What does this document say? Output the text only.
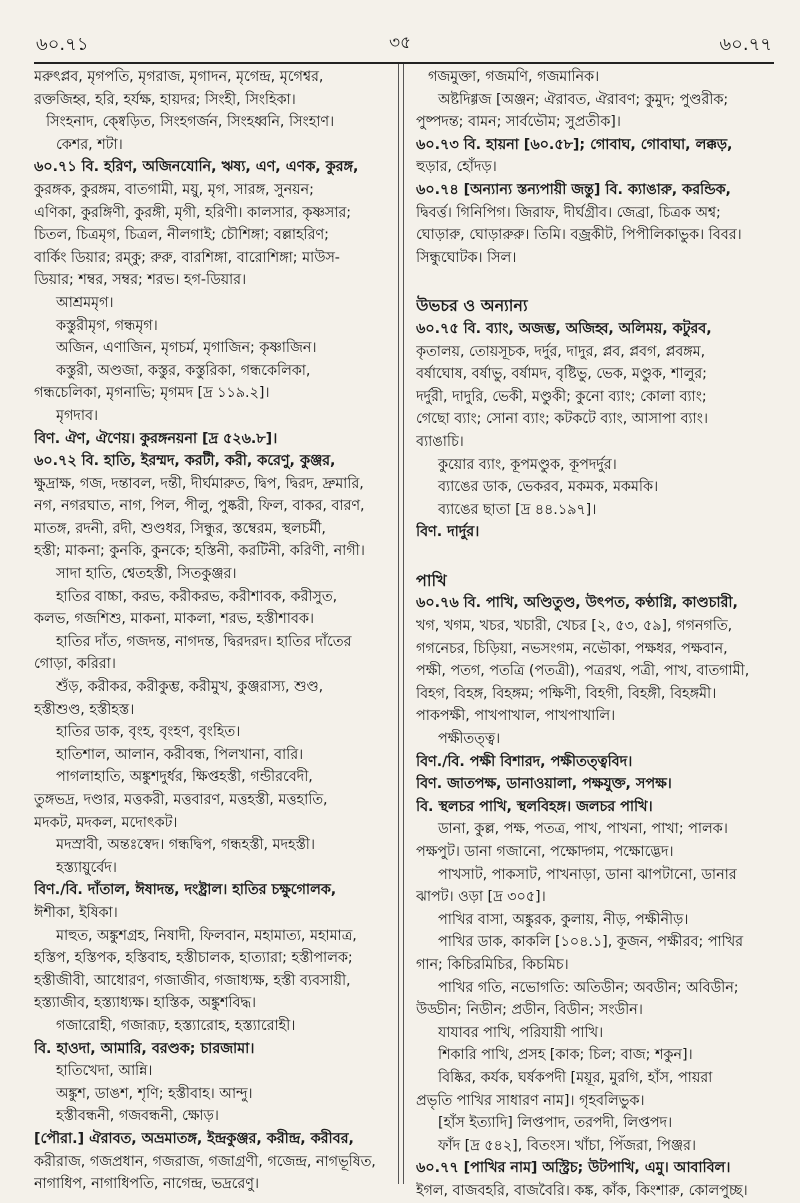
৬০.৭১	৩৫	৬০.৭৭
মরুৎপ্লব, মৃগপতি, মৃগরাজ, মৃগাদন, মৃগেন্দ্র, মৃগেশ্বর,
রক্তজিহ্ব, হরি, হর্যক্ষ, হায়দর; সিংহী, সিংহিকা।
সিংহনাদ, ক্ষ্বেড়িত, সিংহগর্জন, সিংহধ্বনি, সিংহাণ।
কেশর, শটা।
৬০.৭১ বি. হরিণ, অজিনযোনি, ঋষ্য, এণ, এণক, কুরঙ্গ,
কুরঙ্গক, কুরঙ্গম, বাতগামী, ময়ু, মৃগ, সারঙ্গ, সুনয়ন;
এণিকা, কুরঙ্গিণী, কুরঙ্গী, মৃগী, হরিণী। কালসার, কৃষ্ণসার;
চিতল, চিত্রমৃগ, চিত্রল, নীলগাই; চৌশিঙ্গা; বল্লাহরিণ;
বার্কিং ডিয়ার; রম্কু; রুরু, বারশিঙ্গা, বারোশিঙ্গা; মাউস-
ডিয়ার; শম্বর, সম্বর; শরভ। হগ-ডিয়ার।
আশ্রমমৃগ।
কস্তুরীমৃগ, গন্ধমৃগ।
অজিন, এণাজিন, মৃগচর্ম, মৃগাজিন; কৃষ্ণাজিন।
কস্তুরী, অণ্ডজা, কস্তুর, কস্তুরিকা, গন্ধকেলিকা,
গন্ধচেলিকা, মৃগনাভি; মৃগমদ [দ্র ১১৯.২]।
মৃগদাব।
বিণ. ঐণ, ঐণেয়। কুরঙ্গনয়না [দ্র ৫২৬.৮]।
৬০.৭২ বি. হাতি, ইরম্মদ, করটী, করী, করেণু, কুঞ্জর,
ক্ষুদ্রাক্ষ, গজ, দন্তাবল, দন্তী, দীর্ঘমারুত, দ্বিপ, দ্বিরদ, দ্রুমারি,
নগ, নগরঘাত, নাগ, পিল, পীলু, পুষ্করী, ফিল, বাকর, বারণ,
মাতঙ্গ, রদনী, রদী, শুণ্ডধর, সিন্ধুর, স্তম্বেরম, স্থলচর্মী,
হস্তী; মাকনা; কুনকি, কুনকে; হস্তিনী, করটিনী, করিণী, নাগী।
সাদা হাতি, শ্বেতহস্তী, সিতকুঞ্জর।
হাতির বাচ্চা, করভ, করীকরভ, করীশাবক, করীসুত,
কলভ, গজশিশু, মাকনা, মাকলা, শরভ, হস্তীশাবক।
হাতির দাঁত, গজদন্ত, নাগদন্ত, দ্বিরদরদ। হাতির দাঁতের
গোড়া, করিরা।
শুঁড়, করীকর, করীকুম্ভ, করীমুখ, কুঞ্জরাস্য, শুণ্ড,
হস্তীশুণ্ড, হস্তীহস্ত।
হাতির ডাক, বৃংহ, বৃংহণ, বৃংহিত।
হাতিশাল, আলান, করীবন্ধ, পিলখানা, বারি।
পাগলাহাতি, অঙ্কুশদুর্ধর, ক্ষিপ্তহস্তী, গন্ডীরবেদী,
তুঙ্গভদ্র, দণ্ডার, মত্তকরী, মত্তবারণ, মত্তহস্তী, মত্তহাতি,
মদকট, মদকল, মদোৎকট।
মদস্রাবী, অন্তঃস্বেদ। গন্ধদ্বিপ, গন্ধহস্তী, মদহস্তী।
হস্ত্যায়ুর্বেদ।
বিণ./বি. দাঁতাল, ঈষাদন্ত, দংষ্ট্রাল। হাতির চক্ষুগোলক,
ঈশীকা, ইষিকা।
মাহুত, অঙ্কুশগ্রহ, নিষাদী, ফিলবান, মহামাত্য, মহামাত্র,
হস্তিপ, হস্তিপক, হস্তিবাহ, হস্তীচালক, হাত্যারা; হস্তীপালক;
হস্তীজীবী, আধোরণ, গজাজীব, গজাধ্যক্ষ, হস্তী ব্যবসায়ী,
হস্ত্যাজীব, হস্ত্যাধ্যক্ষ। হাস্তিক, অঙ্কুশবিদ্ধ।
গজারোহী, গজারূঢ়, হস্ত্যারোহ, হস্ত্যারোহী।
বি. হাওদা, আমারি, বরণ্ডক; চারজামা।
হাতিখেদা, আন্নি।
অঙ্কুশ, ডাঙশ, শৃণি; হস্তীবাহ। আন্দু।
হস্তীবন্ধনী, গজবন্ধনী, ক্ষোড়।
[পৌরা.] ঐরাবত, অভ্রমাতঙ্গ, ইন্দ্রকুঞ্জর, করীন্দ্র, করীবর,
করীরাজ, গজপ্রধান, গজরাজ, গজাগ্রণী, গজেন্দ্র, নাগভূষিত,
নাগাধিপ, নাগাধিপতি, নাগেন্দ্র, ভদ্ররেণু।
গজমুক্তা, গজমণি, গজমানিক।
অষ্টদিগ্গজ [অঞ্জন; ঐরাবত, ঐরাবণ; কুমুদ; পুণ্ডরীক;
পুষ্পদন্ত; বামন; সার্বভৌম; সুপ্রতীক]।
৬০.৭৩ বি. হায়না [৬০.৫৮]; গোবাঘ, গোবাঘা, লক্কড়,
হুড়ার, হোঁদড়।
৬০.৭৪ [অন্যান্য স্তন্যপায়ী জন্তু] বি. ক্যাঙারু, করন্ডিক,
দ্বিবর্ত্ত। গিনিপিগ। জিরাফ, দীর্ঘগ্রীব। জেব্রা, চিত্রক অশ্ব;
ঘোড়ারু, ঘোড়ারুরু। তিমি। বজ্রকীট, পিপীলিকাভুক। বিবর।
সিন্ধুঘোটক। সিল।
উভচর ও অন্যান্য
৬০.৭৫ বি. ব্যাং, অজম্ভ, অজিহ্ব, অলিময়, কটুরব,
কৃতালয়, তোয়সূচক, দর্দুর, দাদুর, প্লব, প্লবগ, প্লবঙ্গম,
বর্ষাঘোষ, বর্ষাভু, বর্ষামদ, বৃষ্টিভু, ভেক, মণ্ডুক, শালুর;
দর্দুরী, দাদুরি, ভেকী, মণ্ডুকী; কুনো ব্যাং; কোলা ব্যাং;
গেছো ব্যাং; সোনা ব্যাং; কটকটে ব্যাং, আসাপা ব্যাং।
ব্যাঙাচি।
কুয়োর ব্যাং, কূপমণ্ডুক, কূপদর্দুর।
ব্যাঙের ডাক, ভেকরব, মকমক, মকমকি।
ব্যাঙের ছাতা [দ্র ৪৪.১৯৭]।
বিণ. দার্দুর।
পাখি
৬০.৭৬ বি. পাখি, অণ্ডিতুণ্ড, উৎপত, কণ্ঠাগ্নি, কাণ্ডচারী,
খগ, খগম, খচর, খচারী, খেচর [২, ৫৩, ৫৯], গগনগতি,
গগনেচর, চিড়িয়া, নভসংগম, নভৌকা, পক্ষধর, পক্ষবান,
পক্ষী, পতগ, পতত্রি (পতত্রী), পত্ররথ, পত্রী, পাখ, বাতগামী,
বিহগ, বিহঙ্গ, বিহঙ্গম; পক্ষিণী, বিহগী, বিহঙ্গী, বিহঙ্গমী।
পাকপক্ষী, পাখপাখাল, পাখপাখালি।
পক্ষীতত্ত্ব।
বিণ./বি. পক্ষী বিশারদ, পক্ষীতত্ত্ববিদ।
বিণ. জাতপক্ষ, ডানাওয়ালা, পক্ষযুক্ত, সপক্ষ।
বি. স্থলচর পাখি, স্থলবিহঙ্গ। জলচর পাখি।
ডানা, কুল্ল, পক্ষ, পতত্র, পাখ, পাখনা, পাখা; পালক।
পক্ষপুট। ডানা গজানো, পক্ষোদ্গম, পক্ষোদ্ভেদ।
পাখসাট, পাকসাট, পাখনাড়া, ডানা ঝাপটানো, ডানার
ঝাপট। ওড়া [দ্র ৩০৫]।
পাখির বাসা, অঙ্কুরক, কুলায়, নীড়, পক্ষীনীড়।
পাখির ডাক, কাকলি [১০৪.১], কূজন, পক্ষীরব; পাখির
গান; কিচিরমিচির, কিচমিচ।
পাখির গতি, নভোগতি: অতিডীন; অবডীন; অবিডীন;
উড্ডীন; নিডীন; প্রডীন, বিডীন; সংডীন।
যাযাবর পাখি, পরিযায়ী পাখি।
শিকারি পাখি, প্রসহ [কাক; চিল; বাজ; শকুন]।
বিষ্কির, কর্যক, ঘর্ষকপদী [ময়ূর, মুরগি, হাঁস, পায়রা
প্রভৃতি পাখির সাধারণ নাম]। গৃহবলিভুক।
[হাঁস ইত্যাদি] লিপ্তপাদ, তরপদী, লিপ্তপদ।
ফাঁদ [দ্র ৫৪২], বিতংস। খাঁচা, পিঁজরা, পিঞ্জর।
৬০.৭৭ [পাখির নাম] অস্ট্রিচ; উটপাখি, এমু। আবাবিল।
ইগল, বাজবহরি, বাজবৈরি। কঙ্ক, কাঁক, কিংশারু, কোলপুচ্ছ।
